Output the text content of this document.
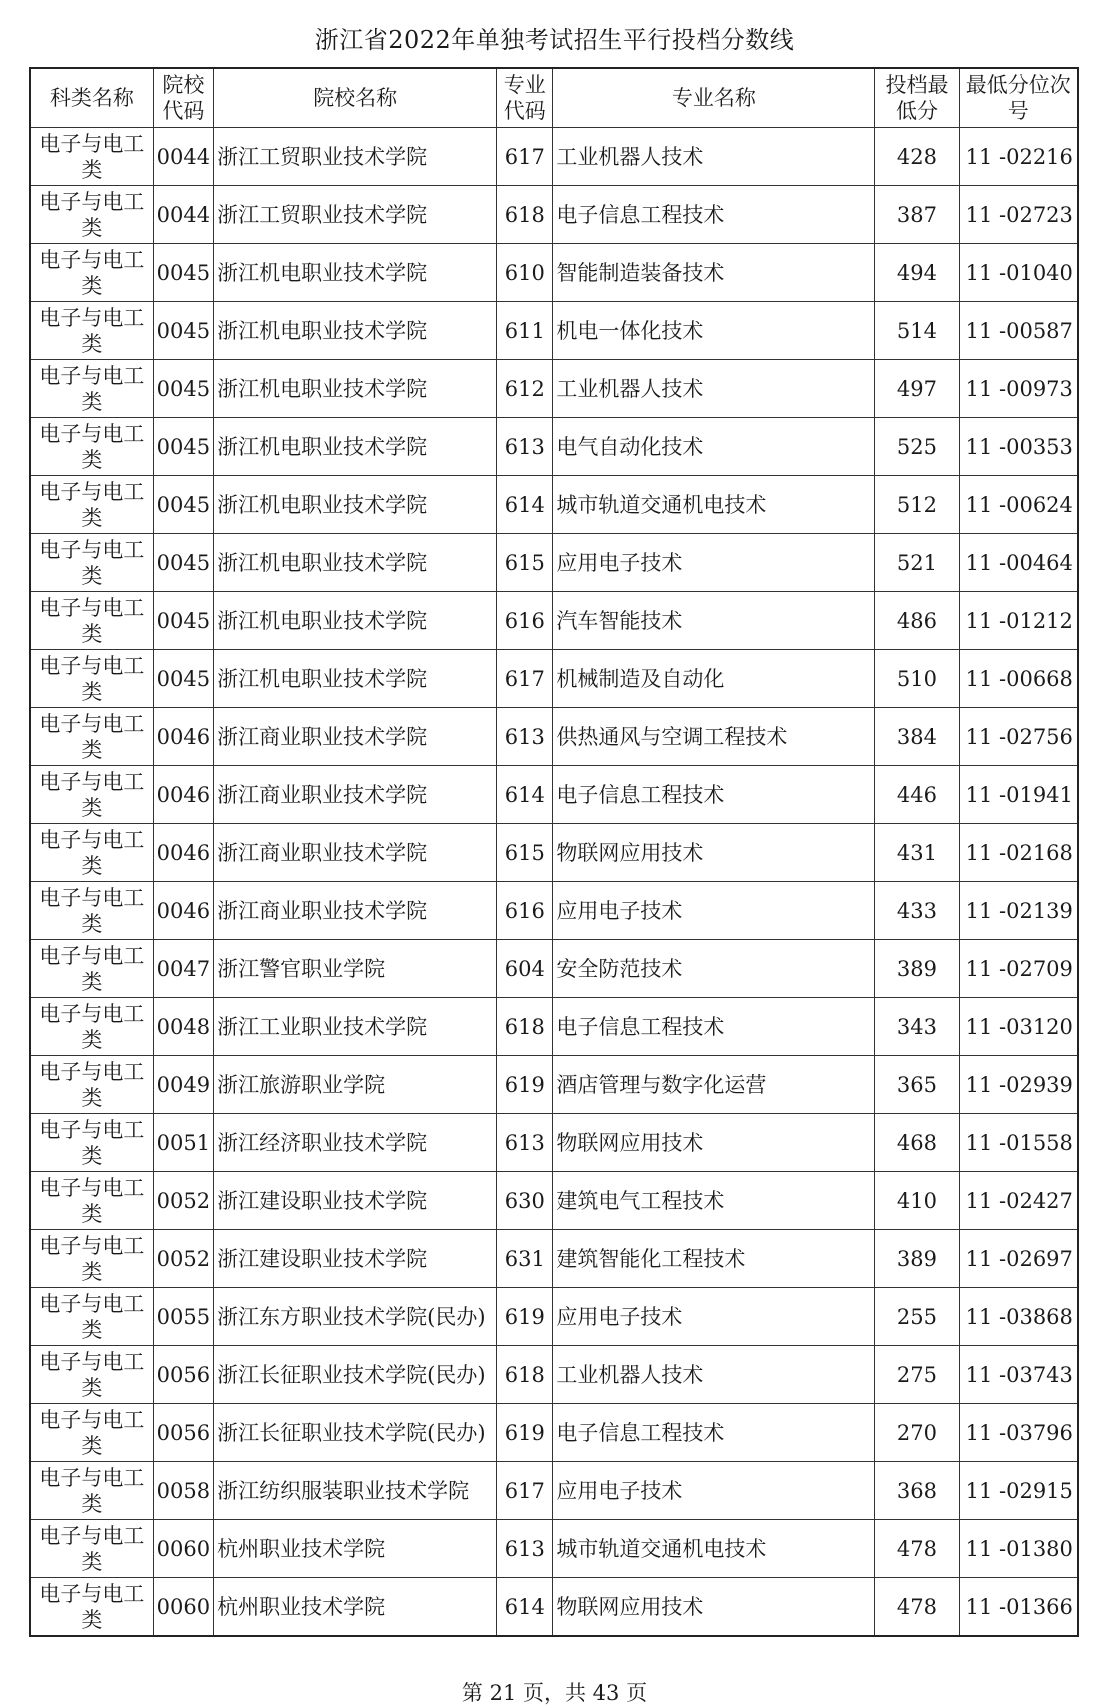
浙江省2022年单独考试招生平行投档分数线
科类名称	院校代码	院校名称	专业代码	专业名称	投档最低分	最低分位次号
电子与电工类	0044	浙江工贸职业技术学院	617	工业机器人技术	428	11 -02216
电子与电工类	0044	浙江工贸职业技术学院	618	电子信息工程技术	387	11 -02723
电子与电工类	0045	浙江机电职业技术学院	610	智能制造装备技术	494	11 -01040
电子与电工类	0045	浙江机电职业技术学院	611	机电一体化技术	514	11 -00587
电子与电工类	0045	浙江机电职业技术学院	612	工业机器人技术	497	11 -00973
电子与电工类	0045	浙江机电职业技术学院	613	电气自动化技术	525	11 -00353
电子与电工类	0045	浙江机电职业技术学院	614	城市轨道交通机电技术	512	11 -00624
电子与电工类	0045	浙江机电职业技术学院	615	应用电子技术	521	11 -00464
电子与电工类	0045	浙江机电职业技术学院	616	汽车智能技术	486	11 -01212
电子与电工类	0045	浙江机电职业技术学院	617	机械制造及自动化	510	11 -00668
电子与电工类	0046	浙江商业职业技术学院	613	供热通风与空调工程技术	384	11 -02756
电子与电工类	0046	浙江商业职业技术学院	614	电子信息工程技术	446	11 -01941
电子与电工类	0046	浙江商业职业技术学院	615	物联网应用技术	431	11 -02168
电子与电工类	0046	浙江商业职业技术学院	616	应用电子技术	433	11 -02139
电子与电工类	0047	浙江警官职业学院	604	安全防范技术	389	11 -02709
电子与电工类	0048	浙江工业职业技术学院	618	电子信息工程技术	343	11 -03120
电子与电工类	0049	浙江旅游职业学院	619	酒店管理与数字化运营	365	11 -02939
电子与电工类	0051	浙江经济职业技术学院	613	物联网应用技术	468	11 -01558
电子与电工类	0052	浙江建设职业技术学院	630	建筑电气工程技术	410	11 -02427
电子与电工类	0052	浙江建设职业技术学院	631	建筑智能化工程技术	389	11 -02697
电子与电工类	0055	浙江东方职业技术学院(民办)	619	应用电子技术	255	11 -03868
电子与电工类	0056	浙江长征职业技术学院(民办)	618	工业机器人技术	275	11 -03743
电子与电工类	0056	浙江长征职业技术学院(民办)	619	电子信息工程技术	270	11 -03796
电子与电工类	0058	浙江纺织服装职业技术学院	617	应用电子技术	368	11 -02915
电子与电工类	0060	杭州职业技术学院	613	城市轨道交通机电技术	478	11 -01380
电子与电工类	0060	杭州职业技术学院	614	物联网应用技术	478	11 -01366
第 21 页，共 43 页
